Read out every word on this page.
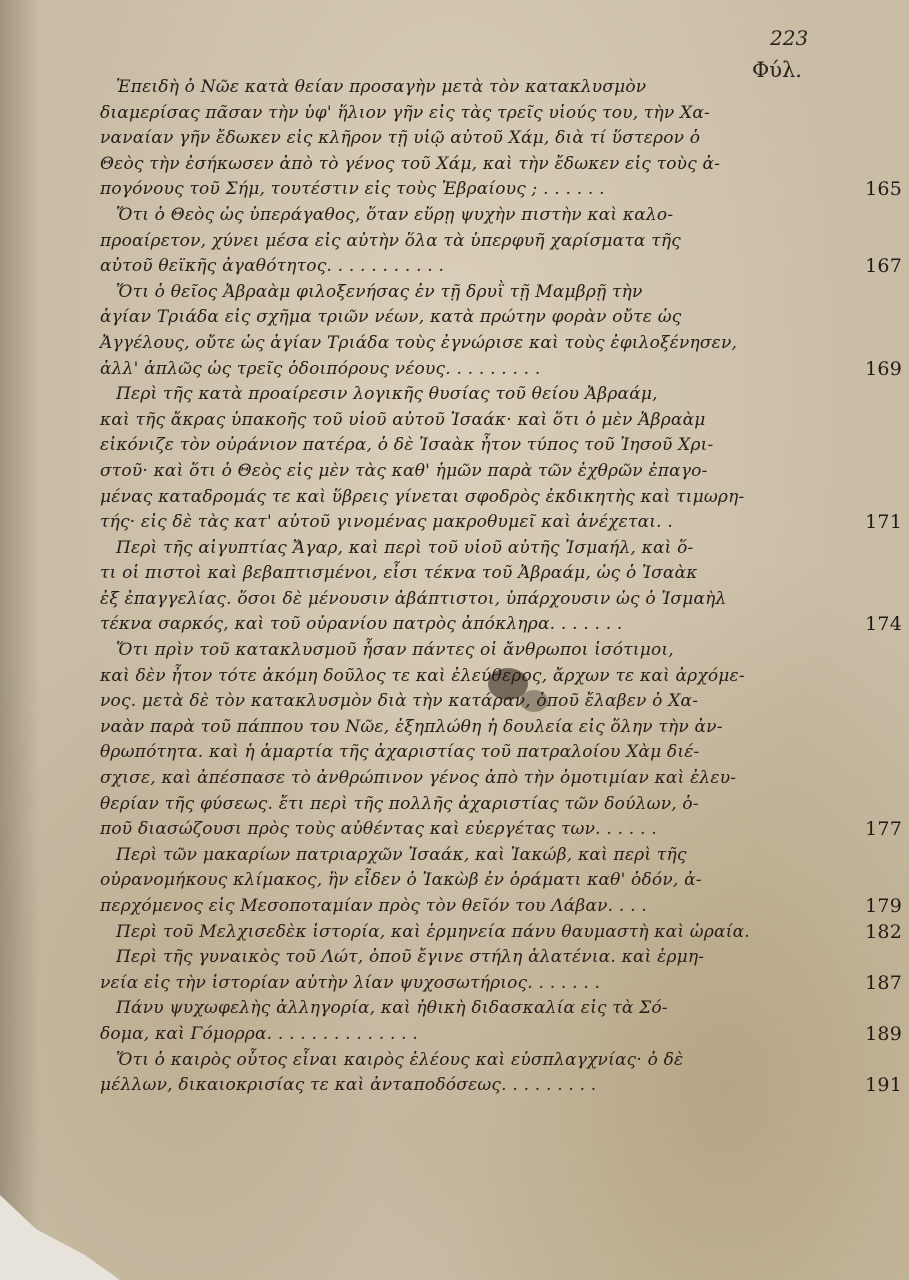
223
Φύλ.
Ἐπειδὴ ὁ Νῶε κατὰ θείαν προσαγὴν μετὰ τὸν κατακλυσμὸν
διαμερίσας πᾶσαν τὴν ὑφ' ἥλιον γῆν εἰς τὰς τρεῖς υἱούς του, τὴν Χα-
ναναίαν γῆν ἔδωκεν εἰς κλῆρον τῇ υἱῷ αὐτοῦ Χάμ, διὰ τί ὕστερον ὁ
Θεὸς τὴν ἐσήκωσεν ἀπὸ τὸ γένος τοῦ Χάμ, καὶ τὴν ἔδωκεν εἰς τοὺς ἀ-
πογόνους τοῦ Σήμ, τουτέστιν εἰς τοὺς Ἑβραίους ; . . . . . .	165
Ὅτι ὁ Θεὸς ὡς ὑπεράγαθος, ὅταν εὕρῃ ψυχὴν πιστὴν καὶ καλο-
προαίρετον, χύνει μέσα εἰς αὐτὴν ὅλα τὰ ὑπερφυῆ χαρίσματα τῆς
αὐτοῦ θεϊκῆς ἀγαθότητος. . . . . . . . . . .	167
Ὅτι ὁ θεῖος Ἀβραὰμ φιλοξενήσας ἐν τῇ δρυῒ τῇ Μαμβρῇ τὴν
ἁγίαν Τριάδα εἰς σχῆμα τριῶν νέων, κατὰ πρώτην φορὰν οὔτε ὡς
Ἀγγέλους, οὔτε ὡς ἁγίαν Τριάδα τοὺς ἐγνώρισε καὶ τοὺς ἐφιλοξένησεν,
ἀλλ' ἁπλῶς ὡς τρεῖς ὁδοιπόρους νέους. . . . . . . . .	169
Περὶ τῆς κατὰ προαίρεσιν λογικῆς θυσίας τοῦ θείου Ἀβραάμ,
καὶ τῆς ἄκρας ὑπακοῆς τοῦ υἱοῦ αὐτοῦ Ἰσαάκ· καὶ ὅτι ὁ μὲν Ἀβραὰμ
εἰκόνιζε τὸν οὐράνιον πατέρα, ὁ δὲ Ἰσαὰκ ἦτον τύπος τοῦ Ἰησοῦ Χρι-
στοῦ· καὶ ὅτι ὁ Θεὸς εἰς μὲν τὰς καθ' ἡμῶν παρὰ τῶν ἐχθρῶν ἐπαγο-
μένας καταδρομάς τε καὶ ὕβρεις γίνεται σφοδρὸς ἐκδικητὴς καὶ τιμωρη-
τής· εἰς δὲ τὰς κατ' αὐτοῦ γινομένας μακροθυμεῖ καὶ ἀνέχεται. .	171
Περὶ τῆς αἰγυπτίας Ἄγαρ, καὶ περὶ τοῦ υἱοῦ αὐτῆς Ἰσμαήλ, καὶ ὅ-
τι οἱ πιστοὶ καὶ βεβαπτισμένοι, εἶσι τέκνα τοῦ Ἀβραάμ, ὡς ὁ Ἰσαὰκ
ἐξ ἐπαγγελίας. ὅσοι δὲ μένουσιν ἀβάπτιστοι, ὑπάρχουσιν ὡς ὁ Ἰσμαὴλ
τέκνα σαρκός, καὶ τοῦ οὐρανίου πατρὸς ἀπόκληρα. . . . . . .	174
Ὅτι πρὶν τοῦ κατακλυσμοῦ ἦσαν πάντες οἱ ἄνθρωποι ἰσότιμοι,
καὶ δὲν ἦτον τότε ἀκόμη δοῦλος τε καὶ ἐλεύθερος, ἄρχων τε καὶ ἀρχόμε-
νος. μετὰ δὲ τὸν κατακλυσμὸν διὰ τὴν κατάραν, ὁποῦ ἔλαβεν ὁ Χα-
ναὰν παρὰ τοῦ πάππου του Νῶε, ἐξηπλώθη ἡ δουλεία εἰς ὅλην τὴν ἀν-
θρωπότητα. καὶ ἡ ἁμαρτία τῆς ἀχαριστίας τοῦ πατραλοίου Χὰμ διέ-
σχισε, καὶ ἀπέσπασε τὸ ἀνθρώπινον γένος ἀπὸ τὴν ὁμοτιμίαν καὶ ἐλευ-
θερίαν τῆς φύσεως. ἔτι περὶ τῆς πολλῆς ἀχαριστίας τῶν δούλων, ὁ-
ποῦ διασώζουσι πρὸς τοὺς αὐθέντας καὶ εὐεργέτας των. . . . . .	177
Περὶ τῶν μακαρίων πατριαρχῶν Ἰσαάκ, καὶ Ἰακώβ, καὶ περὶ τῆς
οὐρανομήκους κλίμακος, ἣν εἶδεν ὁ Ἰακὼβ ἐν ὁράματι καθ' ὁδόν, ἀ-
περχόμενος εἰς Μεσοποταμίαν πρὸς τὸν θεῖόν του Λάβαν. . . .	179
Περὶ τοῦ Μελχισεδὲκ ἱστορία, καὶ ἑρμηνεία πάνυ θαυμαστὴ καὶ ὡραία.	182
Περὶ τῆς γυναικὸς τοῦ Λώτ, ὁποῦ ἔγινε στήλη ἁλατένια. καὶ ἑρμη-
νεία εἰς τὴν ἱστορίαν αὐτὴν λίαν ψυχοσωτήριος. . . . . . .	187
Πάνυ ψυχωφελὴς ἀλληγορία, καὶ ἠθικὴ διδασκαλία εἰς τὰ Σό-
δομα, καὶ Γόμορρα. . . . . . . . . . . . . .	189
Ὅτι ὁ καιρὸς οὗτος εἶναι καιρὸς ἐλέους καὶ εὐσπλαγχνίας· ὁ δὲ
μέλλων, δικαιοκρισίας τε καὶ ἀνταποδόσεως. . . . . . . . .	191
